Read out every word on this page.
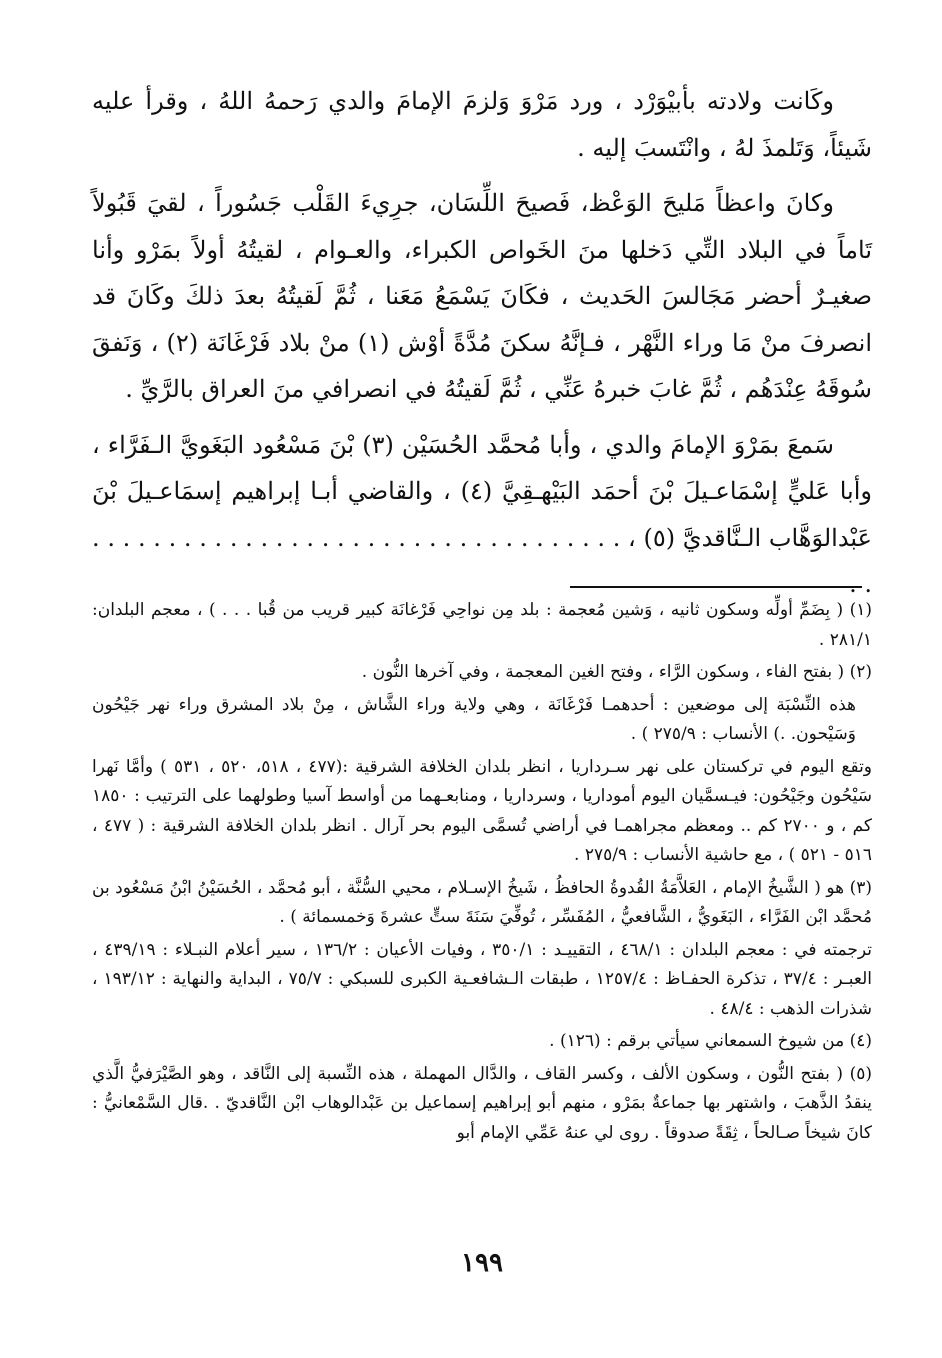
وكَانت ولادته بأبيْوَرْد ، ورد مَرْوَ وَلزمَ الإمامَ والدي رَحمهُ اللهُ ، وقرأ عليه شَيئاً، وَتَلمذَ لهُ ، وانْتَسبَ إليه .

وكانَ واعظاً مَليحَ الوَعْظ، فَصيحَ اللِّسَان، جرِيءَ القَلْب جَسُوراً ، لقيَ قَبُولاً تَاماً في البلاد التِّي دَخلها منَ الخَواص الكبراء، والعـوام ، لقيتُهُ أولاً بمَرْو وأنا صغيـرٌ أحضر مَجَالسَ الحَديث ، فكَانَ يَسْمَعُ مَعَنا ، ثُمَّ لَقيتُهُ بعدَ ذلكَ وكَانَ قد انصرفَ منْ مَا وراء النَّهْر ، فـإنَّهُ سكنَ مُدَّةً أوْش (١) منْ بلاد فَرْغَانَة (٢) ، وَنَفقَ سُوقَهُ عِنْدَهُم ، ثُمَّ غابَ خبرهُ عَنِّي ، ثُمَّ لَقيتُهُ في انصرافي منَ العراق بالرَّيِّ .

سَمعَ بمَرْوَ الإمامَ والدي ، وأبا مُحمَّد الحُسَيْن (٣) بْنَ مَسْعُود البَغَويَّ الـفَرَّاء ، وأبا عَليٍّ إسْمَاعـيلَ بْنَ أحمَد البَيْهـقِيَّ (٤) ، والقاضي أبـا إبراهيم إسمَاعـيلَ بْنَ عَبْدالوَهَّاب الـنَّاقديَّ (٥) ، . . . . . . . . . . . . . . . . . . . . . . . . . . . . . . . . . . . . .

(١) ( بِضَمِّ أولِّه وسكون ثانيه ، وَشين مُعجمة : بلد مِن نواحِي فَرْغانَة كبير قريب من قُبا . . . ) ، معجم البلدان: ٢٨١/١ .

(٢) ( بفتح الفاء ، وسكون الرَّاء ، وفتح الغين المعجمة ، وفي آخرها النُّون .

هذه النِّسْبَة إلى موضعين : أحدهمـا فَرْغَانَة ، وهي ولاية وراء الشَّاش ، مِنْ بلاد المشرق وراء نهر جَيْحُون وَسَيْحون. .) الأنساب : ٢٧٥/٩ ) .

وتقع اليوم في تركستان على نهر سـرداريا ، انظر بلدان الخلافة الشرقية :(٤٧٧ ، ٥١٨، ٥٢٠ ، ٥٣١ ) وأمَّا نَهرا سَيْحُون وجَيْحُون: فيـسمَّيان اليوم أموداريا ، وسرداريا ، ومنابعـهما من أواسط آسيا وطولهما على الترتيب : ١٨٥٠ كم ، و ٢٧٠٠ كم .. ومعظم مجراهمـا في أراضي تُسمَّى اليوم بحر آرال . انظر بلدان الخلافة الشرقية : ( ٤٧٧ ، ٥١٦ - ٥٢١ ) ، مع حاشية الأنساب : ٢٧٥/٩ .

(٣) هو ( الشَّيخُ الإمام ، العَلاَّمَةُ القُدوةُ الحافظُ ، شَيخُ الإسـلام ، محيي السُّنَّة ، أبو مُحمَّد ، الحُسَيْنُ ابْنُ مَسْعُود بن مُحمَّد ابْن الفَرَّاء ، البَغَويُّ ، الشَّافعيُّ ، المُفَسِّر ، تُوفِّيَ سَنَةَ ستٍّ عشرةَ وَخمسمائة ) .

ترجمته في : معجم البلدان : ٤٦٨/١ ، التقييـد : ٣٥٠/١ ، وفيات الأعيان : ١٣٦/٢ ، سير أعلام النبـلاء : ٤٣٩/١٩ ، العبـر : ٣٧/٤ ، تذكرة الحفـاظ : ١٢٥٧/٤ ، طبقات الـشافعـية الكبرى للسبكي : ٧٥/٧ ، البداية والنهاية : ١٩٣/١٢ ، شذرات الذهب : ٤٨/٤ .

(٤) من شيوخ السمعاني سيأتي برقم : (١٢٦) .

(٥) ( بفتح النُّون ، وسكون الألف ، وكسر القاف ، والدَّال المهملة ، هذه النِّسبة إلى النَّاقد ، وهو الصَّيْرَفيُّ الَّذي ينقدُ الذَّهبَ ، واشتهر بها جماعةٌ بمَرْو ، منهم أبو إبراهيم إسماعيل بن عَبْدالوهاب ابْن النَّاقديّ . .قال السَّمْعانيُّ : كانَ شيخاً صـالحاً ، ثِقَةً صدوقاً . روى لي عنهُ عَمِّي الإمام أبو

١٩٩
